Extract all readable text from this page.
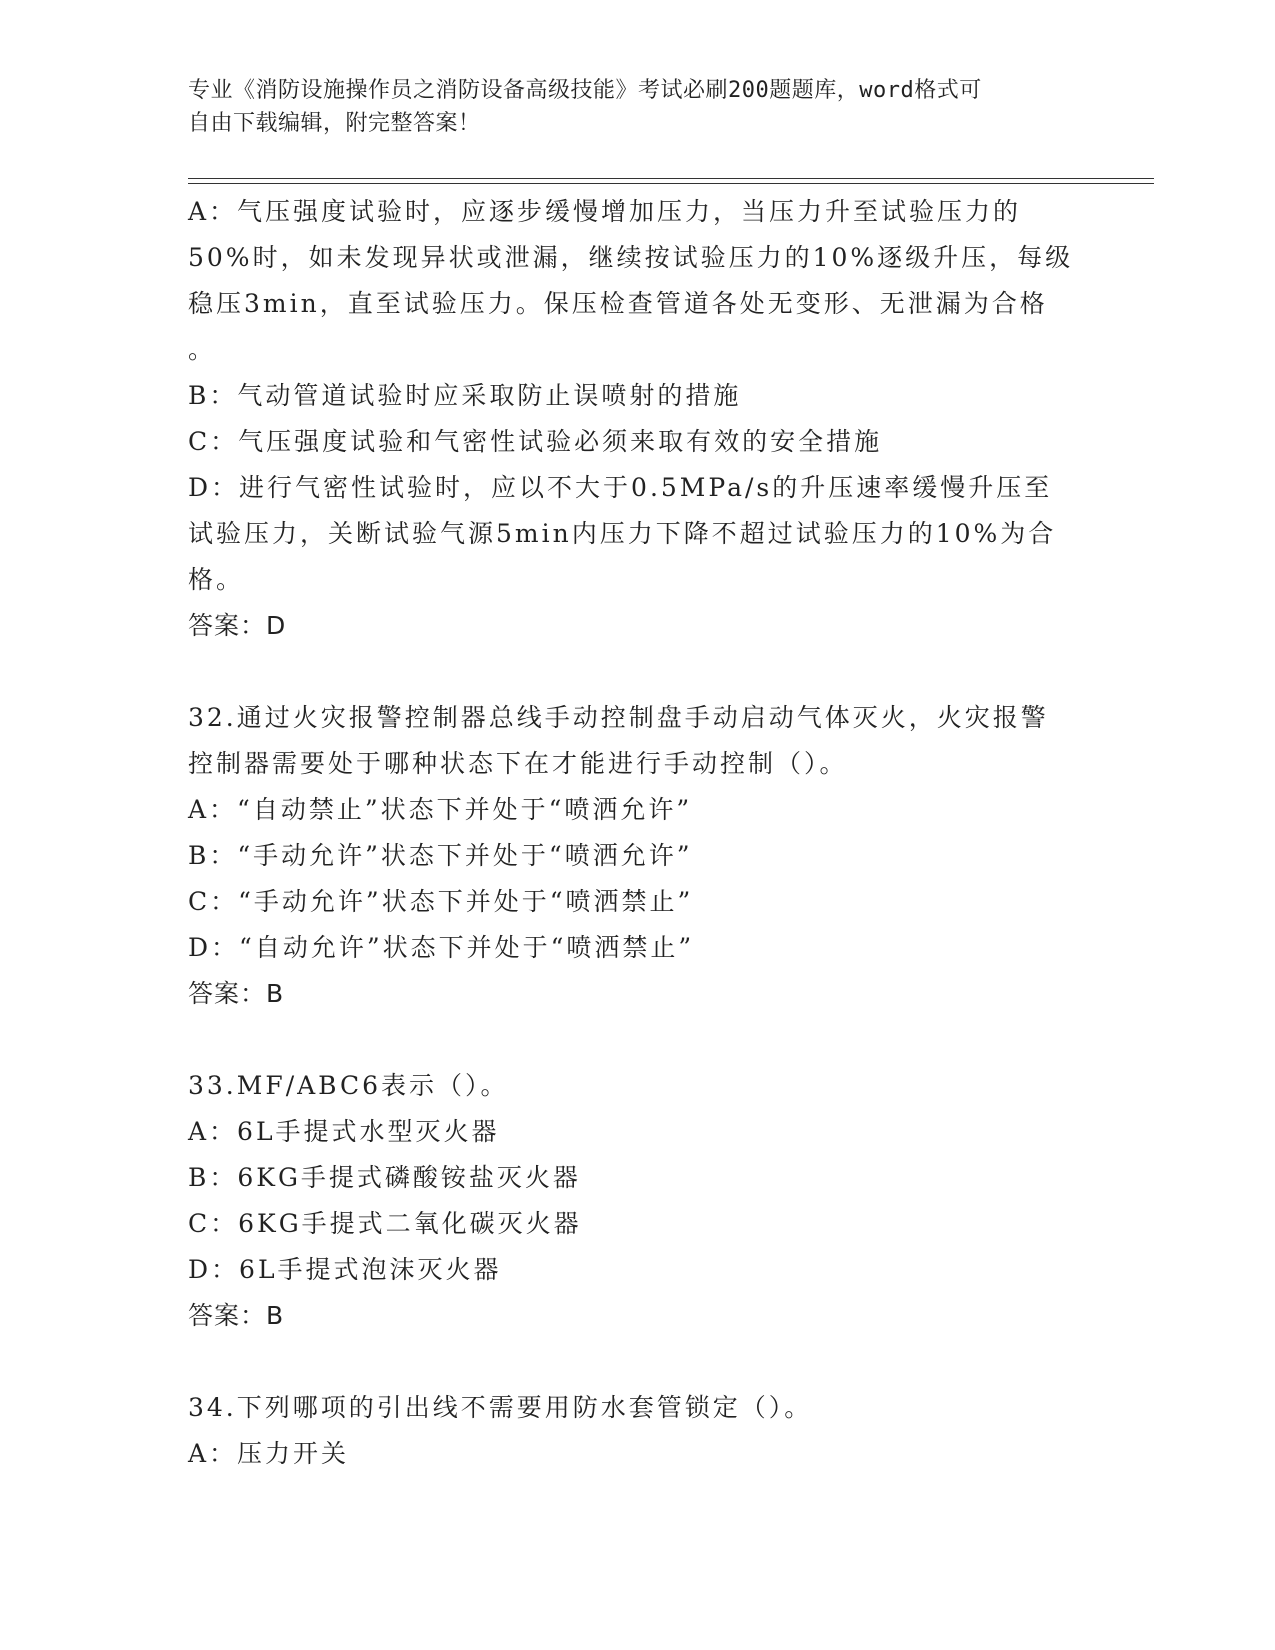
专业《消防设施操作员之消防设备高级技能》考试必刷200题题库，word格式可
自由下载编辑，附完整答案！
A：气压强度试验时，应逐步缓慢增加压力，当压力升至试验压力的
50%时，如未发现异状或泄漏，继续按试验压力的10%逐级升压，每级
稳压3min，直至试验压力。保压检查管道各处无变形、无泄漏为合格
。
B：气动管道试验时应采取防止误喷射的措施
C：气压强度试验和气密性试验必须来取有效的安全措施
D：进行气密性试验时，应以不大于0.5MPa/s的升压速率缓慢升压至
试验压力，关断试验气源5min内压力下降不超过试验压力的10%为合
格。
答案：D
32.通过火灾报警控制器总线手动控制盘手动启动气体灭火，火灾报警
控制器需要处于哪种状态下在才能进行手动控制（）。
A：“自动禁止”状态下并处于“喷洒允许”
B：“手动允许”状态下并处于“喷洒允许”
C：“手动允许”状态下并处于“喷洒禁止”
D：“自动允许”状态下并处于“喷洒禁止”
答案：B
33.MF/ABC6表示（）。
A：6L手提式水型灭火器
B：6KG手提式磷酸铵盐灭火器
C：6KG手提式二氧化碳灭火器
D：6L手提式泡沫灭火器
答案：B
34.下列哪项的引出线不需要用防水套管锁定（）。
A：压力开关
